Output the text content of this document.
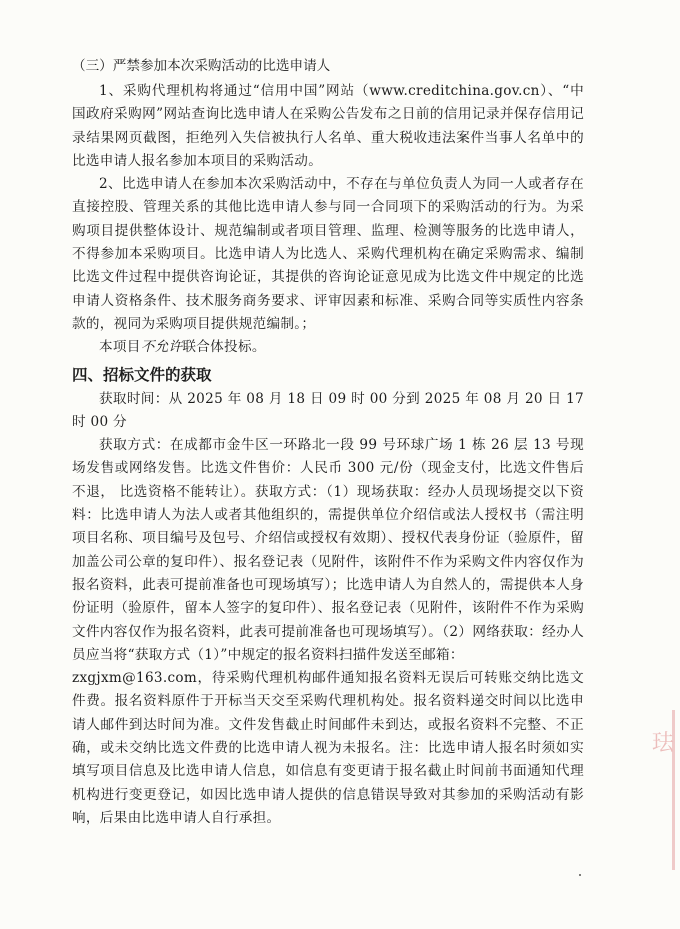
（三）严禁参加本次采购活动的比选申请人

1、采购代理机构将通过“信用中国”网站（www.creditchina.gov.cn）、“中国政府采购网”网站查询比选申请人在采购公告发布之日前的信用记录并保存信用记录结果网页截图，拒绝列入失信被执行人名单、重大税收违法案件当事人名单中的比选申请人报名参加本项目的采购活动。

2、比选申请人在参加本次采购活动中，不存在与单位负责人为同一人或者存在直接控股、管理关系的其他比选申请人参与同一合同项下的采购活动的行为。为采购项目提供整体设计、规范编制或者项目管理、监理、检测等服务的比选申请人，不得参加本采购项目。比选申请人为比选人、采购代理机构在确定采购需求、编制比选文件过程中提供咨询论证，其提供的咨询论证意见成为比选文件中规定的比选申请人资格条件、技术服务商务要求、评审因素和标准、采购合同等实质性内容条款的，视同为采购项目提供规范编制。；

本项目不允许联合体投标。

四、招标文件的获取

获取时间：从 2025 年 08 月 18 日 09 时 00 分到 2025 年 08 月 20 日 17 时 00 分

获取方式：在成都市金牛区一环路北一段 99 号环球广场 1 栋 26 层 13 号现场发售或网络发售。比选文件售价：人民币 300 元/份（现金支付，比选文件售后不退， 比选资格不能转让）。获取方式：（1）现场获取：经办人员现场提交以下资料：比选申请人为法人或者其他组织的，需提供单位介绍信或法人授权书（需注明项目名称、项目编号及包号、介绍信或授权有效期）、授权代表身份证（验原件，留加盖公司公章的复印件）、报名登记表（见附件，该附件不作为采购文件内容仅作为报名资料，此表可提前准备也可现场填写）；比选申请人为自然人的，需提供本人身份证明（验原件，留本人签字的复印件）、报名登记表（见附件，该附件不作为采购文件内容仅作为报名资料，此表可提前准备也可现场填写）。（2）网络获取：经办人员应当将“获取方式（1）”中规定的报名资料扫描件发送至邮箱：

zxgjxm@163.com，待采购代理机构邮件通知报名资料无误后可转账交纳比选文件费。报名资料原件于开标当天交至采购代理机构处。报名资料递交时间以比选申请人邮件到达时间为准。文件发售截止时间邮件未到达，或报名资料不完整、不正确，或未交纳比选文件费的比选申请人视为未报名。注：比选申请人报名时须如实填写项目信息及比选申请人信息，如信息有变更请于报名截止时间前书面通知代理机构进行变更登记，如因比选申请人提供的信息错误导致对其参加的采购活动有影响，后果由比选申请人自行承担。

珐
